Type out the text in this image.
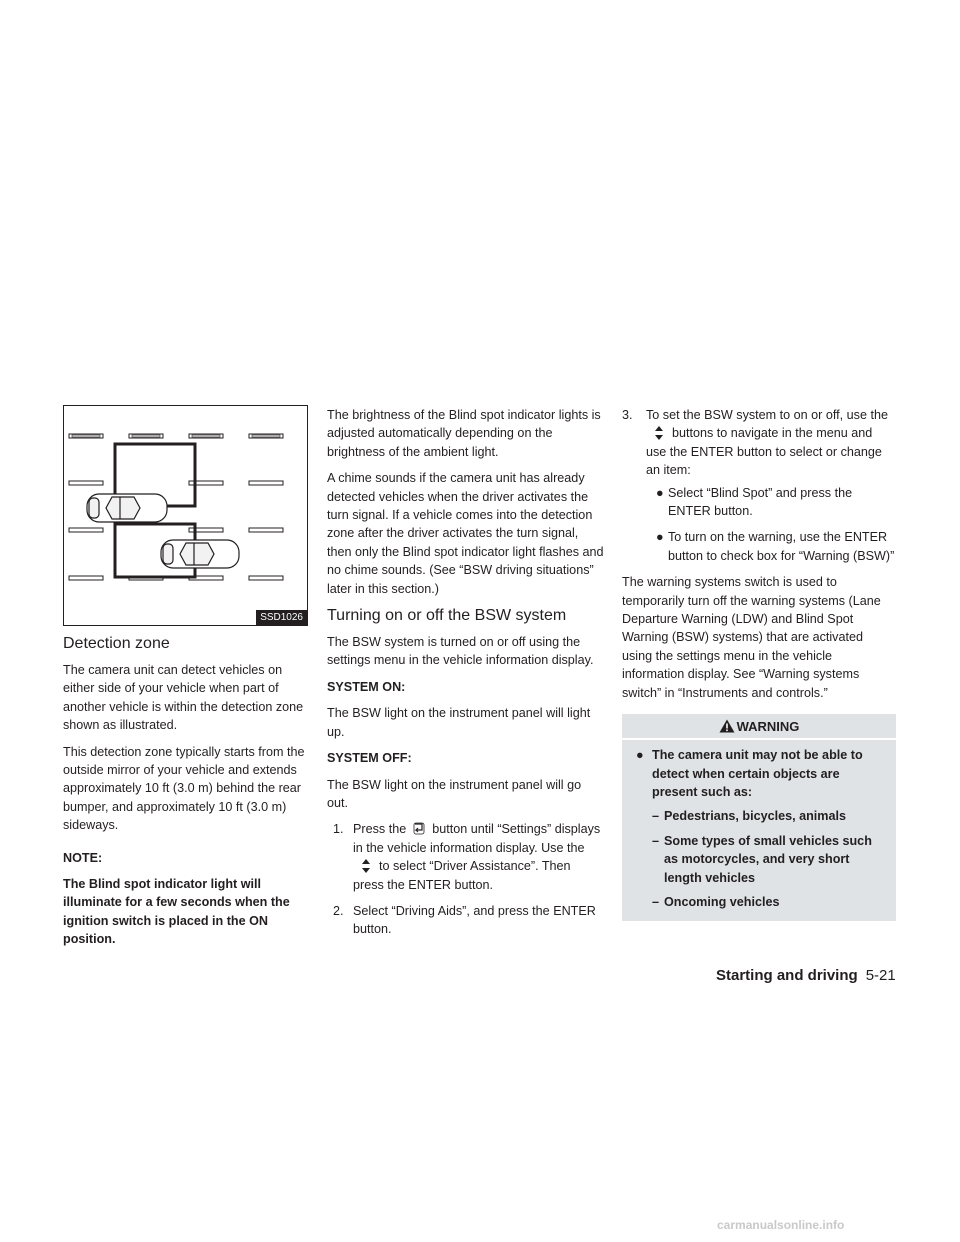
SSD1026
Detection zone

The camera unit can detect vehicles on either side of your vehicle when part of another vehicle is within the detection zone shown as illustrated.

This detection zone typically starts from the outside mirror of your vehicle and extends approximately 10 ft (3.0 m) behind the rear bumper, and approximately 10 ft (3.0 m) sideways.

NOTE:

The Blind spot indicator light will illuminate for a few seconds when the ignition switch is placed in the ON position.

The brightness of the Blind spot indicator lights is adjusted automatically depending on the brightness of the ambient light.

A chime sounds if the camera unit has already detected vehicles when the driver activates the turn signal. If a vehicle comes into the detection zone after the driver activates the turn signal, then only the Blind spot indicator light flashes and no chime sounds. (See “BSW driving situations” later in this section.)

Turning on or off the BSW system

The BSW system is turned on or off using the settings menu in the vehicle information display.

SYSTEM ON:

The BSW light on the instrument panel will light up.

SYSTEM OFF:

The BSW light on the instrument panel will go out.

1. Press the button until “Settings” displays in the vehicle information display. Use theto select “Driver Assistance”. Then press the ENTER button.
2. Select “Driving Aids”, and press the ENTER button.
3. To set the BSW system to on or off, use thebuttons to navigate in the menu and use the ENTER button to select or change an item:
● Select “Blind Spot” and press the ENTER button.
● To turn on the warning, use the ENTER button to check box for “Warning (BSW)”

The warning systems switch is used to temporarily turn off the warning systems (Lane Departure Warning (LDW) and Blind Spot Warning (BSW) systems) that are activated using the settings menu in the vehicle information display. See “Warning systems switch” in “Instruments and controls.”

WARNING
● The camera unit may not be able to detect when certain objects are present such as:
– Pedestrians, bicycles, animals
– Some types of small vehicles such as motorcycles, and very short length vehicles
– Oncoming vehicles
Starting and driving 5-21
carmanualsonline.info
